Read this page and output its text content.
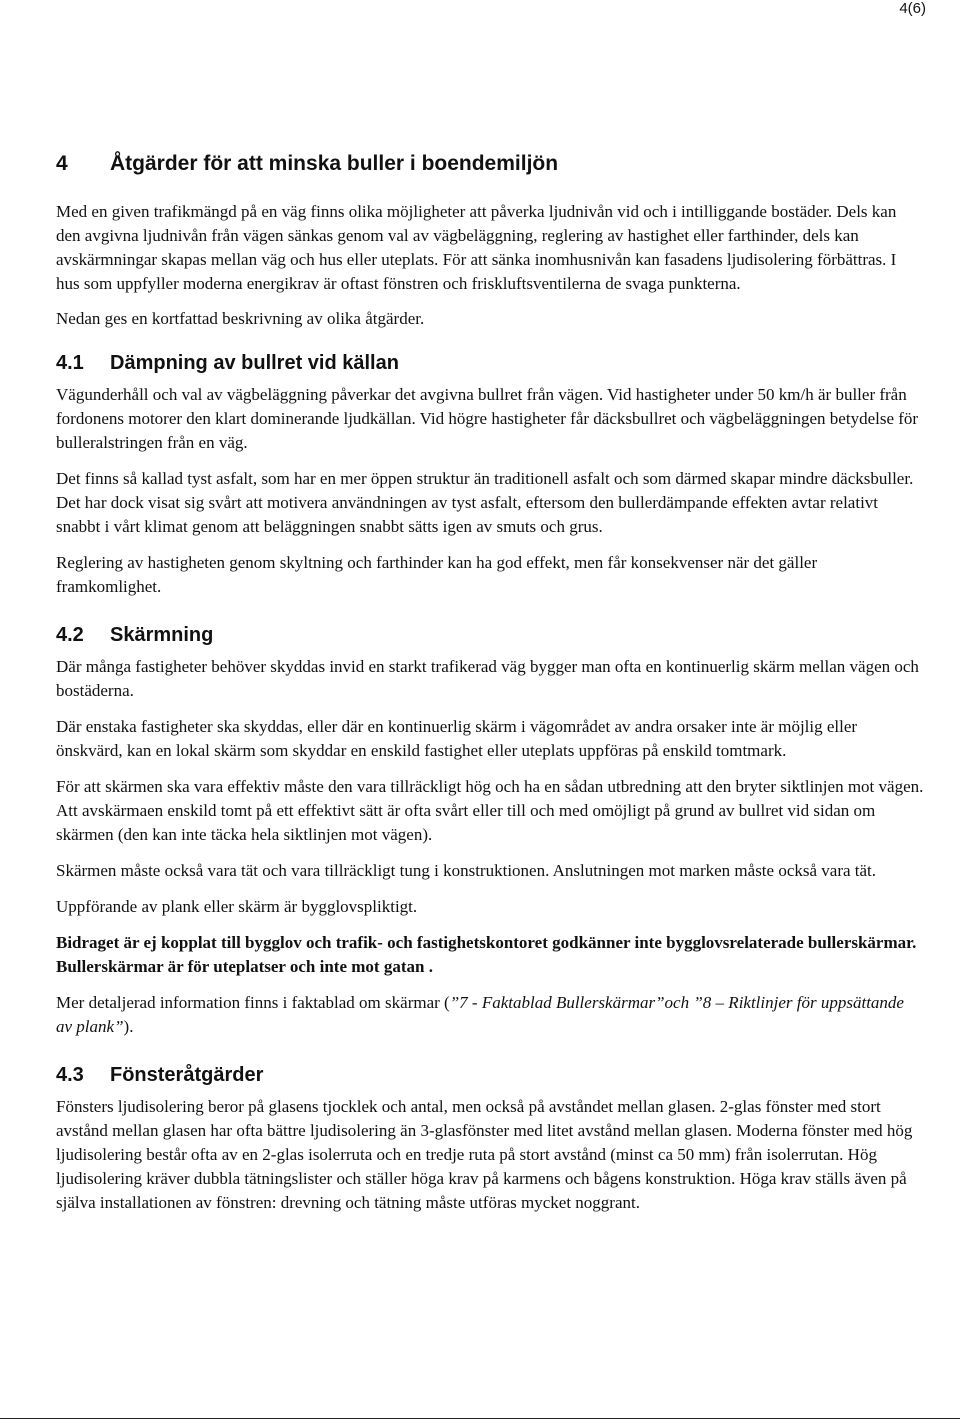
4(6)
4	Åtgärder för att minska buller i boendemiljön

Med en given trafikmängd på en väg finns olika möjligheter att påverka ljudnivån vid och i intilliggande bostäder. Dels kan den avgivna ljudnivån från vägen sänkas genom val av vägbeläggning, reglering av hastighet eller farthinder, dels kan avskärmningar skapas mellan väg och hus eller uteplats. För att sänka inomhusnivån kan fasadens ljudisolering förbättras. I hus som uppfyller moderna energikrav är oftast fönstren och friskluftsventilerna de svaga punkterna.

Nedan ges en kortfattad beskrivning av olika åtgärder.

4.1	Dämpning av bullret vid källan

Vägunderhåll och val av vägbeläggning påverkar det avgivna bullret från vägen. Vid hastigheter under 50 km/h är buller från fordonens motorer den klart dominerande ljudkällan. Vid högre hastigheter får däcksbullret och vägbeläggningen betydelse för bulleralstringen från en väg.

Det finns så kallad tyst asfalt, som har en mer öppen struktur än traditionell asfalt och som därmed skapar mindre däcksbuller. Det har dock visat sig svårt att motivera användningen av tyst asfalt, eftersom den bullerdämpande effekten avtar relativt snabbt i vårt klimat genom att beläggningen snabbt sätts igen av smuts och grus.

Reglering av hastigheten genom skyltning och farthinder kan ha god effekt, men får konsekvenser när det gäller framkomlighet.

4.2	Skärmning

Där många fastigheter behöver skyddas invid en starkt trafikerad väg bygger man ofta en kontinuerlig skärm mellan vägen och bostäderna.

Där enstaka fastigheter ska skyddas, eller där en kontinuerlig skärm i vägområdet av andra orsaker inte är möjlig eller önskvärd, kan en lokal skärm som skyddar en enskild fastighet eller uteplats uppföras på enskild tomtmark.

För att skärmen ska vara effektiv måste den vara tillräckligt hög och ha en sådan utbredning att den bryter siktlinjen mot vägen. Att avskärmaen enskild tomt på ett effektivt sätt är ofta svårt eller till och med omöjligt på grund av bullret vid sidan om skärmen (den kan inte täcka hela siktlinjen mot vägen).

Skärmen måste också vara tät och vara tillräckligt tung i konstruktionen. Anslutningen mot marken måste också vara tät.

Uppförande av plank eller skärm är bygglovspliktigt.

Bidraget är ej kopplat till bygglov och trafik- och fastighetskontoret godkänner inte bygglovsrelaterade bullerskärmar. Bullerskärmar är för uteplatser och inte mot gatan .

Mer detaljerad information finns i faktablad om skärmar (”7 - Faktablad Bullerskärmar”och ”8 – Riktlinjer för uppsättande av plank”).

4.3	Fönsteråtgärder

Fönsters ljudisolering beror på glasens tjocklek och antal, men också på avståndet mellan glasen. 2-glas fönster med stort avstånd mellan glasen har ofta bättre ljudisolering än 3-glasfönster med litet avstånd mellan glasen. Moderna fönster med hög ljudisolering består ofta av en 2-glas isolerruta och en tredje ruta på stort avstånd (minst ca 50 mm) från isolerrutan. Hög ljudisolering kräver dubbla tätningslister och ställer höga krav på karmens och bågens konstruktion. Höga krav ställs även på själva installationen av fönstren: drevning och tätning måste utföras mycket noggrant.
